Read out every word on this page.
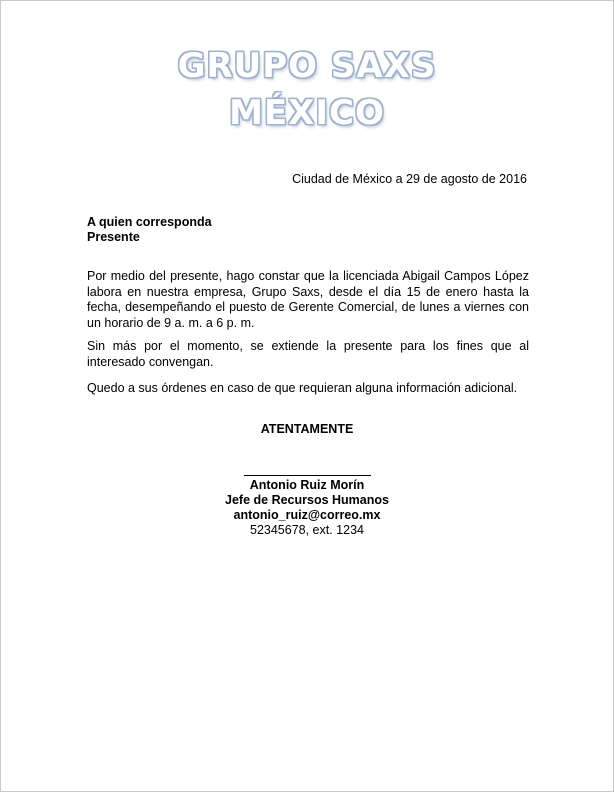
GRUPO SAXS
MÉXICO
Ciudad de México a 29 de agosto de 2016
A quien corresponda
Presente
Por medio del presente, hago constar que la licenciada Abigail Campos López labora en nuestra empresa, Grupo Saxs, desde el día 15 de enero hasta la fecha, desempeñando el puesto de Gerente Comercial, de lunes a viernes con un horario de 9 a. m. a 6 p. m.
Sin más por el momento, se extiende la presente para los fines que al interesado convengan.
Quedo a sus órdenes en caso de que requieran alguna información adicional.
ATENTAMENTE
Antonio Ruiz Morín
Jefe de Recursos Humanos
antonio_ruiz@correo.mx
52345678, ext. 1234
